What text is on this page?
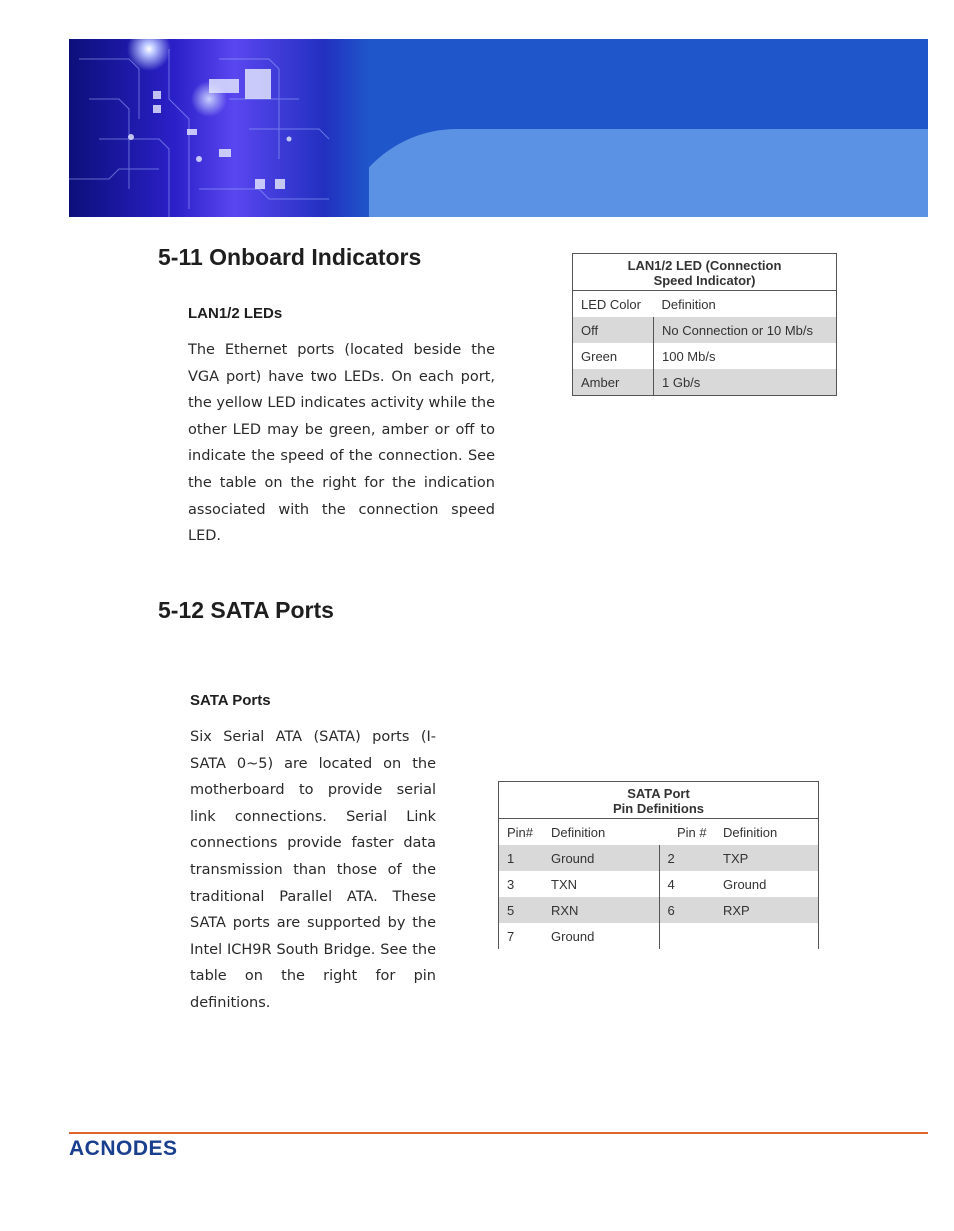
5-11 Onboard Indicators
LAN1/2 LEDs

The Ethernet ports (located beside the VGA port) have two LEDs. On each port, the yellow LED indicates activity while the other LED may be green, amber or off to indicate the speed of the connection. See the table on the right for the indication associated with the connection speed LED.

LAN1/2 LED (Connection
Speed Indicator)	
LED Color	Definition
Off	No Connection or 10 Mb/s
Green	100 Mb/s
Amber	1 Gb/s
5-12 SATA Ports
SATA Ports

Six Serial ATA (SATA) ports (I-SATA 0~5) are located on the motherboard to provide serial link connections. Serial Link connections provide faster data transmission than those of the traditional Parallel ATA. These SATA ports are supported by the Intel ICH9R South Bridge. See the table on the right for pin definitions.

SATA Port
Pin Definitions			
Pin#	Definition	Pin #	Definition
1	Ground	2	TXP
3	TXN	4	Ground
5	RXN	6	RXP
7	Ground		
ACNODES
